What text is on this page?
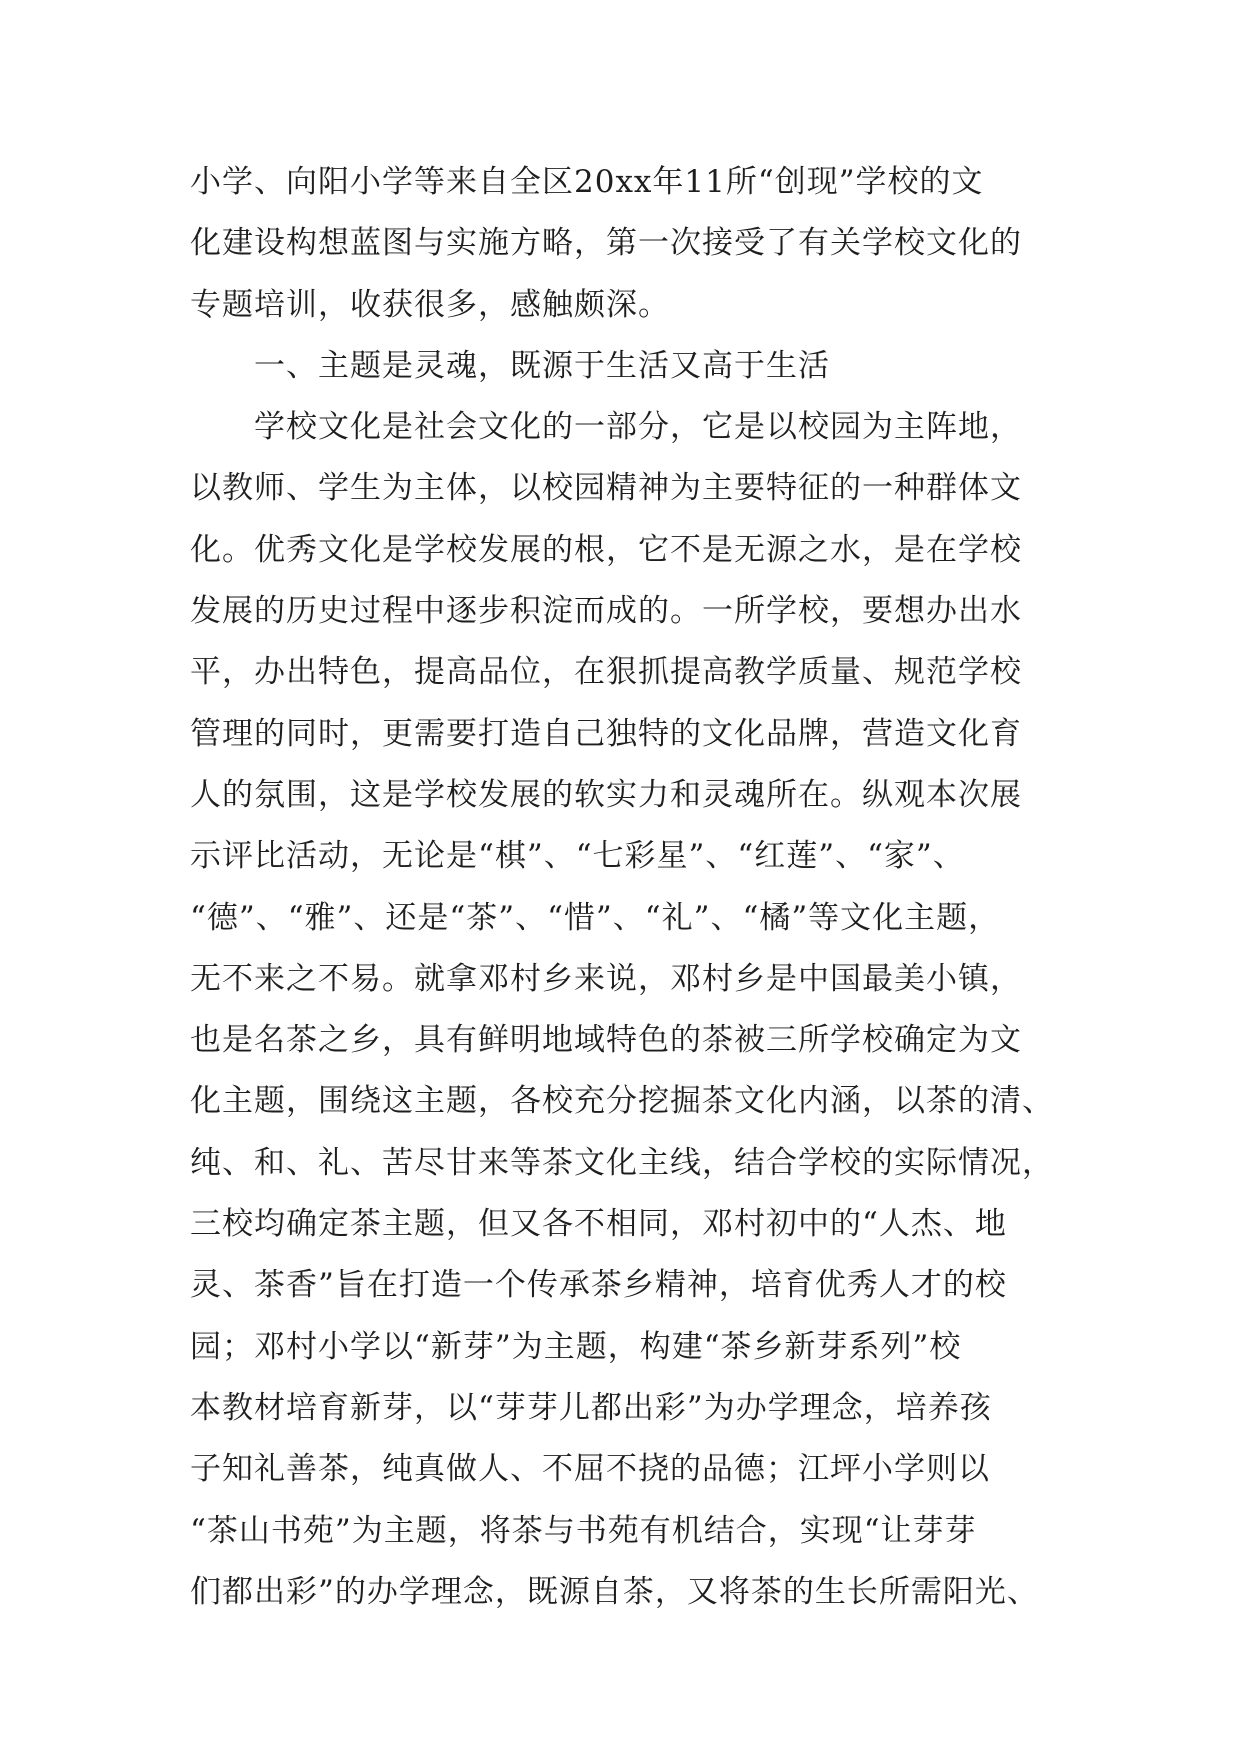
小学、向阳小学等来自全区20xx年11所“创现”学校的文
化建设构想蓝图与实施方略，第一次接受了有关学校文化的
专题培训，收获很多，感触颇深。
一、主题是灵魂，既源于生活又高于生活
学校文化是社会文化的一部分，它是以校园为主阵地，
以教师、学生为主体，以校园精神为主要特征的一种群体文
化。优秀文化是学校发展的根，它不是无源之水，是在学校
发展的历史过程中逐步积淀而成的。一所学校，要想办出水
平，办出特色，提高品位，在狠抓提高教学质量、规范学校
管理的同时，更需要打造自己独特的文化品牌，营造文化育
人的氛围，这是学校发展的软实力和灵魂所在。纵观本次展
示评比活动，无论是“棋”、“七彩星”、“红莲”、“家”、
“德”、“雅”、还是“茶”、“惜”、“礼”、“橘”等文化主题，
无不来之不易。就拿邓村乡来说，邓村乡是中国最美小镇，
也是名茶之乡，具有鲜明地域特色的茶被三所学校确定为文
化主题，围绕这主题，各校充分挖掘茶文化内涵，以茶的清、
纯、和、礼、苦尽甘来等茶文化主线，结合学校的实际情况，
三校均确定茶主题，但又各不相同，邓村初中的“人杰、地
灵、茶香”旨在打造一个传承茶乡精神，培育优秀人才的校
园；邓村小学以“新芽”为主题，构建“茶乡新芽系列”校
本教材培育新芽，以“芽芽儿都出彩”为办学理念，培养孩
子知礼善茶，纯真做人、不屈不挠的品德；江坪小学则以
“茶山书苑”为主题，将茶与书苑有机结合，实现“让芽芽
们都出彩”的办学理念，既源自茶，又将茶的生长所需阳光、
